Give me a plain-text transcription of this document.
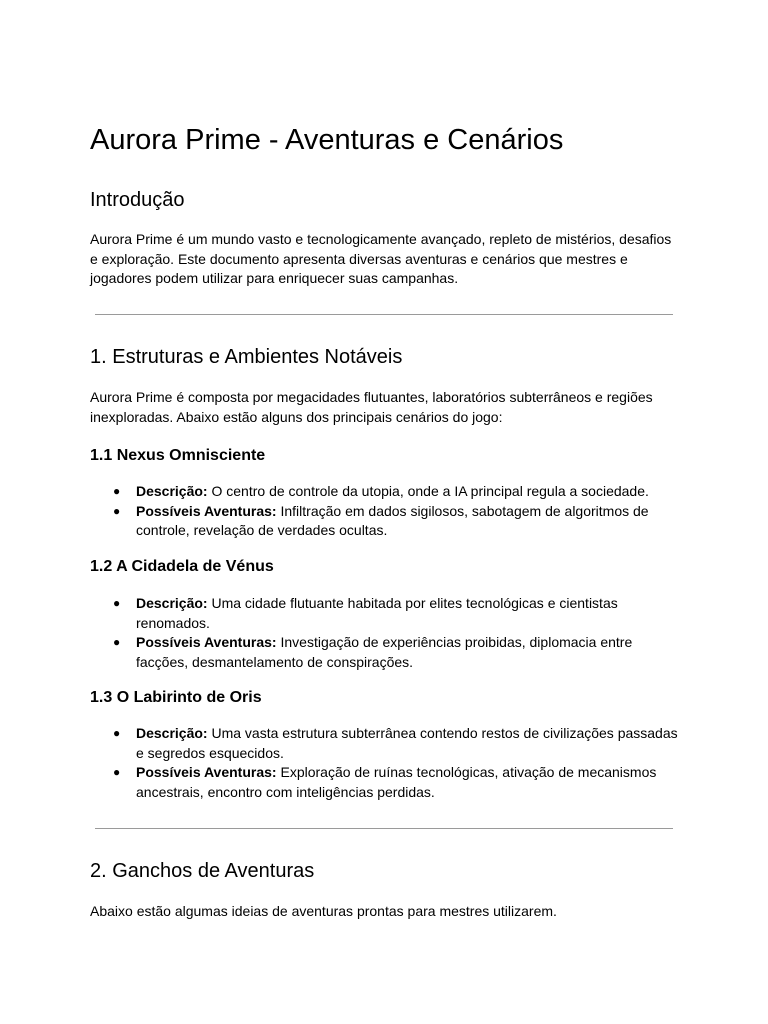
Aurora Prime - Aventuras e Cenários
Introdução

Aurora Prime é um mundo vasto e tecnologicamente avançado, repleto de mistérios, desafios e exploração. Este documento apresenta diversas aventuras e cenários que mestres e jogadores podem utilizar para enriquecer suas campanhas.

1. Estruturas e Ambientes Notáveis

Aurora Prime é composta por megacidades flutuantes, laboratórios subterrâneos e regiões inexploradas. Abaixo estão alguns dos principais cenários do jogo:

1.1 Nexus Omnisciente
● Descrição: O centro de controle da utopia, onde a IA principal regula a sociedade.
● Possíveis Aventuras: Infiltração em dados sigilosos, sabotagem de algoritmos de controle, revelação de verdades ocultas.
1.2 A Cidadela de Vénus
● Descrição: Uma cidade flutuante habitada por elites tecnológicas e cientistas renomados.
● Possíveis Aventuras: Investigação de experiências proibidas, diplomacia entre facções, desmantelamento de conspirações.
1.3 O Labirinto de Oris
● Descrição: Uma vasta estrutura subterrânea contendo restos de civilizações passadas e segredos esquecidos.
● Possíveis Aventuras: Exploração de ruínas tecnológicas, ativação de mecanismos ancestrais, encontro com inteligências perdidas.
2. Ganchos de Aventuras

Abaixo estão algumas ideias de aventuras prontas para mestres utilizarem.
